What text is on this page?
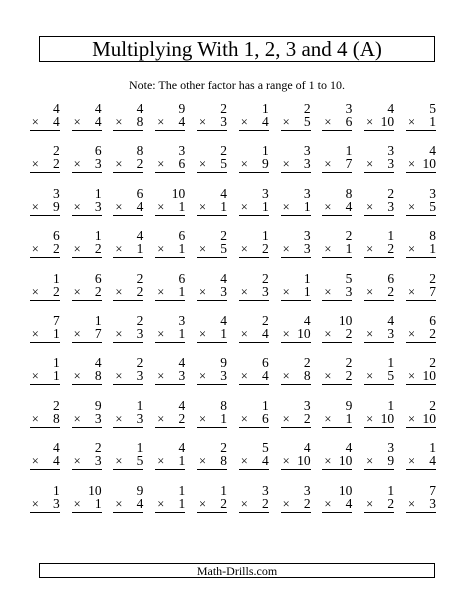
Multiplying With 1, 2, 3 and 4 (A)
Note: The other factor has a range of 1 to 10.
4
× 4
4
× 4
4
× 8
9
× 4
2
× 3
1
× 4
2
× 5
3
× 6
4
× 10
5
× 1
2
× 2
6
× 3
8
× 2
3
× 6
2
× 5
1
× 9
3
× 3
1
× 7
3
× 3
4
× 10
3
× 9
1
× 3
6
× 4
10
× 1
4
× 1
3
× 1
3
× 1
8
× 4
2
× 3
3
× 5
6
× 2
1
× 2
4
× 1
6
× 1
2
× 5
1
× 2
3
× 3
2
× 1
1
× 2
8
× 1
1
× 2
6
× 2
2
× 2
6
× 1
4
× 3
2
× 3
1
× 1
5
× 3
6
× 2
2
× 7
7
× 1
1
× 7
2
× 3
3
× 1
4
× 1
2
× 4
4
× 10
10
× 2
4
× 3
6
× 2
1
× 1
4
× 8
2
× 3
4
× 3
9
× 3
6
× 4
2
× 8
2
× 2
1
× 5
2
× 10
2
× 8
9
× 3
1
× 3
4
× 2
8
× 1
1
× 6
3
× 2
9
× 1
1
× 10
2
× 10
4
× 4
2
× 3
1
× 5
4
× 1
2
× 8
5
× 4
4
× 10
4
× 10
3
× 9
1
× 4
1
× 3
10
× 1
9
× 4
1
× 1
1
× 2
3
× 2
3
× 2
10
× 4
1
× 2
7
× 3
Math-Drills.com
